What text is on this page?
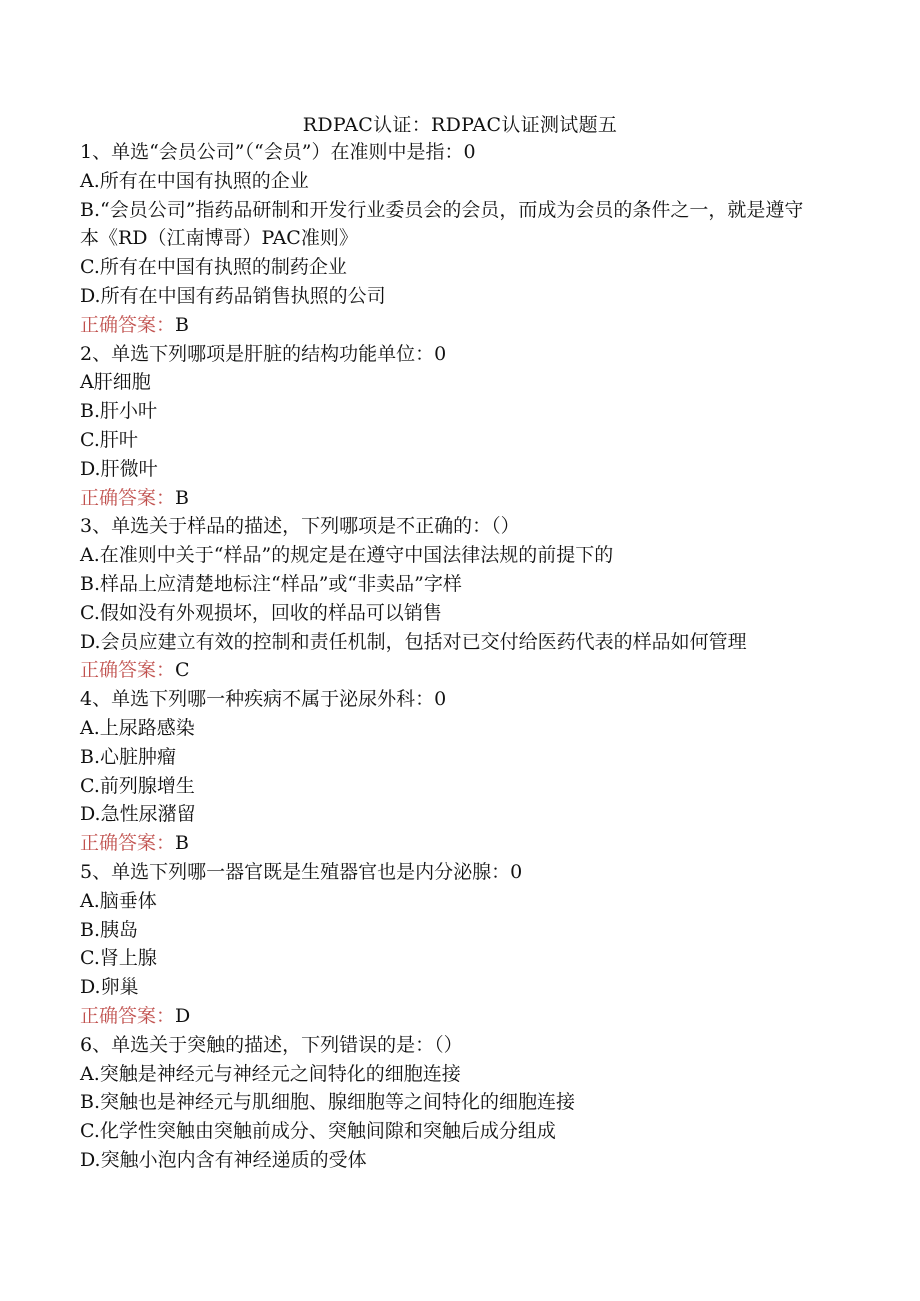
RDPAC认证：RDPAC认证测试题五

1、单选“会员公司”（“会员”）在准则中是指：0

A.所有在中国有执照的企业

B.“会员公司”指药品研制和开发行业委员会的会员，而成为会员的条件之一，就是遵守本《RD（江南博哥）PAC准则》

C.所有在中国有执照的制药企业

D.所有在中国有药品销售执照的公司

正确答案：B

2、单选下列哪项是肝脏的结构功能单位：0

A肝细胞

B.肝小叶

C.肝叶

D.肝微叶

正确答案：B

3、单选关于样品的描述，下列哪项是不正确的：（）

A.在准则中关于“样品”的规定是在遵守中国法律法规的前提下的

B.样品上应清楚地标注“样品”或“非卖品”字样

C.假如没有外观损坏，回收的样品可以销售

D.会员应建立有效的控制和责任机制，包括对已交付给医药代表的样品如何管理

正确答案：C

4、单选下列哪一种疾病不属于泌尿外科：0

A.上尿路感染

B.心脏肿瘤

C.前列腺增生

D.急性尿潴留

正确答案：B

5、单选下列哪一器官既是生殖器官也是内分泌腺：0

A.脑垂体

B.胰岛

C.肾上腺

D.卵巢

正确答案：D

6、单选关于突触的描述，下列错误的是：（）

A.突触是神经元与神经元之间特化的细胞连接

B.突触也是神经元与肌细胞、腺细胞等之间特化的细胞连接

C.化学性突触由突触前成分、突触间隙和突触后成分组成

D.突触小泡内含有神经递质的受体
